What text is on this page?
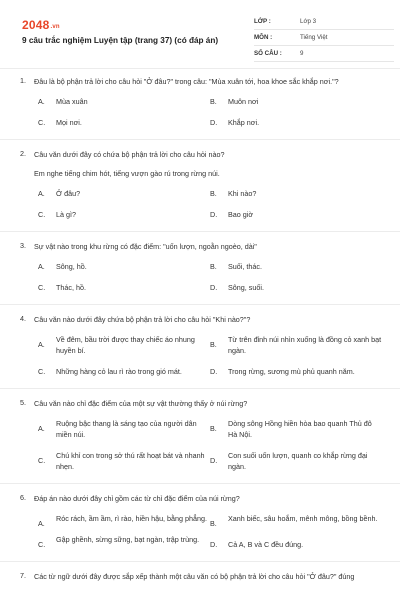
2048.vn
9 câu trắc nghiệm Luyện tập (trang 37) (có đáp án)
LỚP :	Lớp 3
MÔN :	Tiếng Việt
SỐ CÂU :	9
1. Đâu là bộ phận trả lời cho câu hỏi "Ở đâu?" trong câu: "Mùa xuân tới, hoa khoe sắc khắp nơi."?
A. Mùa xuân	B. Muôn nơi
C. Mọi nơi.	D. Khắp nơi.
2. Câu văn dưới đây có chứa bộ phận trả lời cho câu hỏi nào?
Em nghe tiếng chim hót, tiếng vượn gào rú trong rừng núi.
A. Ở đâu?	B. Khi nào?
C. Là gì?	D. Bao giờ
3. Sự vật nào trong khu rừng có đặc điểm: "uốn lượn, ngoằn ngoèo, dài"
A. Sông, hồ.	B. Suối, thác.
C. Thác, hồ.	D. Sông, suối.
4. Câu văn nào dưới đây chứa bộ phận trả lời cho câu hỏi "Khi nào?"?
A.
Về đêm, bầu trời được thay chiếc áo nhung huyền bí.
B.
Từ trên đỉnh núi nhìn xuống là đồng cỏ xanh bạt ngàn.
C. Những hàng cỏ lau rì rào trong gió mát.	D. Trong rừng, sương mù phủ quanh năm.
5. Câu văn nào chỉ đặc điểm của một sự vật thường thấy ở núi rừng?
A.
Ruộng bậc thang là sáng tạo của người dân miền núi.
B.
Dòng sông Hồng hiền hòa bao quanh Thủ đô Hà Nội.
C.
Chú khỉ con trong sở thú rất hoạt bát và nhanh nhẹn.
D.
Con suối uốn lượn, quanh co khắp rừng đại ngàn.
6. Đáp án nào dưới đây chỉ gồm các từ chỉ đặc điểm của núi rừng?
A.
Róc rách, ầm ầm, rì rào, hiền hậu, bằng phẳng.
B.
Xanh biếc, sâu hoắm, mênh mông, bồng bềnh.
C.
Gập ghềnh, sừng sững, bạt ngàn, trập trùng.
D. Cả A, B và C đều đúng.
7. Các từ ngữ dưới đây được sắp xếp thành một câu văn có bộ phận trả lời cho câu hỏi "Ở đâu?" đúng
